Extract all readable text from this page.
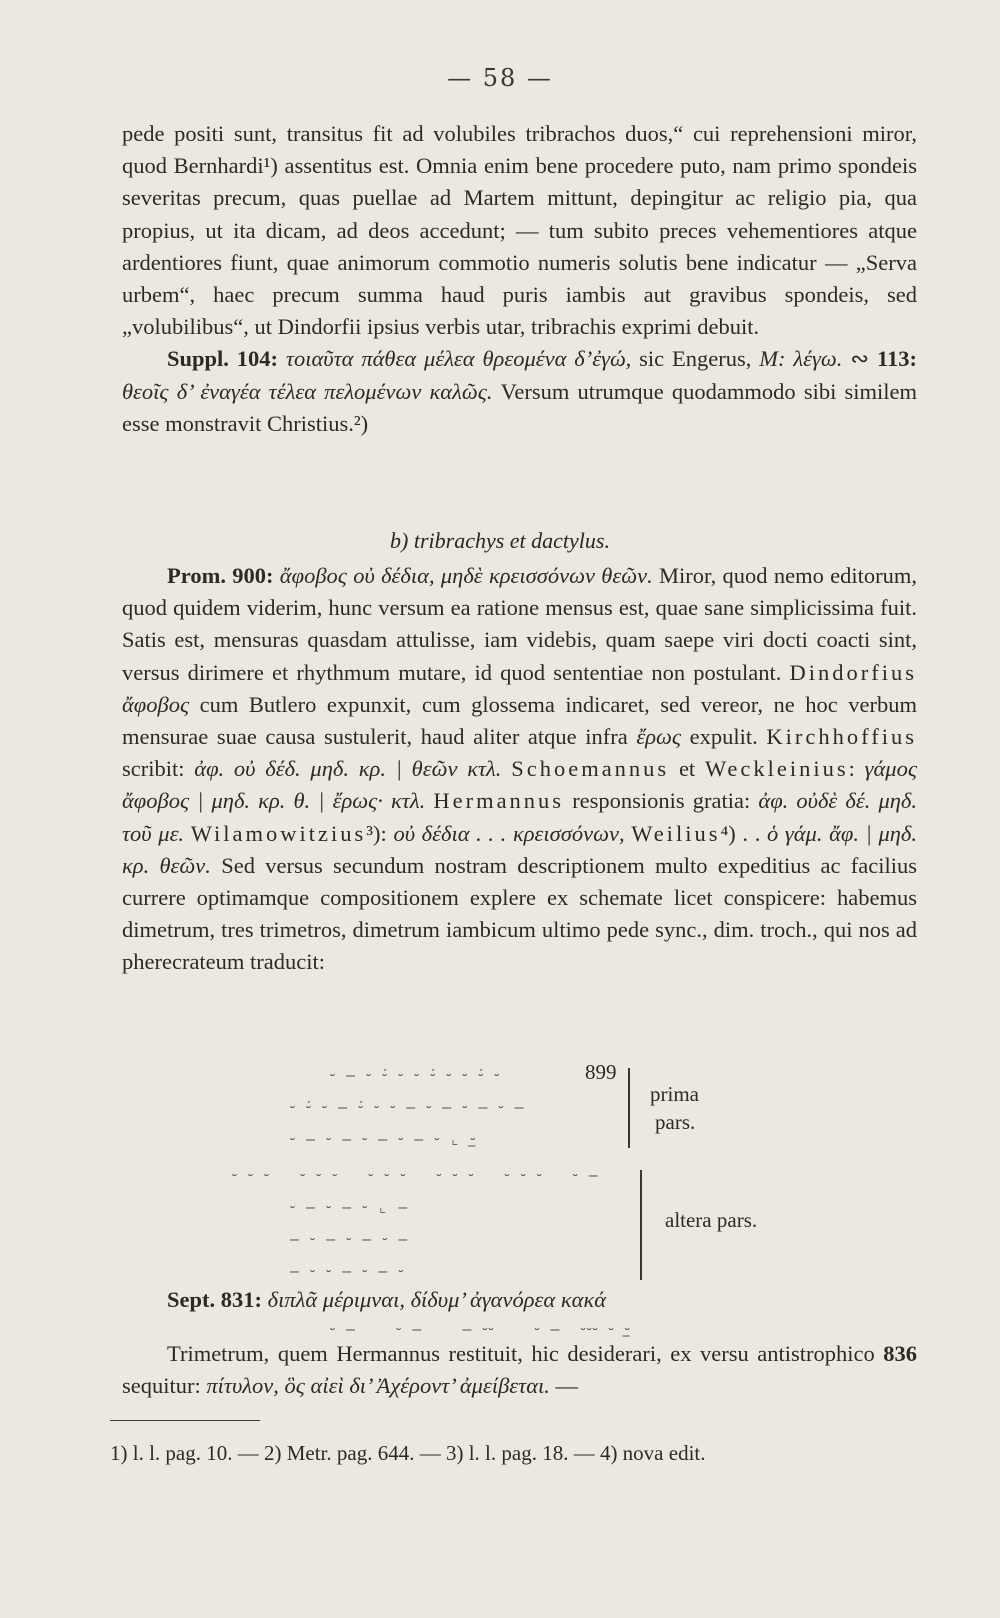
— 58 —

pede positi sunt, transitus fit ad volubiles tribrachos duos,“ cui reprehensioni miror, quod Bernhardi¹) assentitus est. Omnia enim bene procedere puto, nam primo spondeis severitas precum, quas puellae ad Martem mittunt, depingitur ac religio pia, qua propius, ut ita dicam, ad deos accedunt; — tum subito preces vehementiores atque ardentiores fiunt, quae animorum commotio numeris solutis bene indicatur — „Serva urbem“, haec precum summa haud puris iambis aut gravibus spondeis, sed „volubilibus“, ut Dindorfii ipsius verbis utar, tribrachis exprimi debuit.

  Suppl. 104: τοιαῦτα πάθεα μέλεα θρεομένα δ’ἐγώ, sic Engerus, M: λέγω. ∾ 113: θεοῖς δ’ ἐναγέα τέλεα πελομένων καλῶς. Versum utrumque quodammodo sibi similem esse monstravit Christius.²)

b) tribrachys et dactylus.

  Prom. 900: ἄφοβος οὐ δέδια, μηδὲ κρεισσόνων θεῶν. Miror, quod nemo editorum, quod quidem viderim, hunc versum ea ratione mensus est, quae sane simplicissima fuit. Satis est, mensuras quasdam attulisse, iam videbis, quam saepe viri docti coacti sint, versus dirimere et rhythmum mutare, id quod sententiae non postulant. Dindorfius ἄφοβος cum Butlero expunxit, cum glossema indicaret, sed vereor, ne hoc verbum mensurae suae causa sustulerit, haud aliter atque infra ἔρως expulit. Kirchhoffius scribit: ἀφ. οὐ δέδ. μηδ. κρ. | θεῶν κτλ. Schoemannus et Weckleinius: γάμος ἄφοβος | μηδ. κρ. θ. | ἔρως· κτλ. Hermannus responsionis gratia: ἀφ. οὐδὲ δέ. μηδ. τοῦ με. Wilamowitzius³): οὐ δέδια . . . κρεισσόνων, Weilius⁴) . . ὁ γάμ. ἄφ. | μηδ. κρ. θεῶν. Sed versus secundum nostram descriptionem multo expeditius ac facilius currere optimamque compositionem explere ex schemate licet conspicere: habemus dimetrum, tres trimetros, dimetrum iambicum ultimo pede sync., dim. troch., qui nos ad pherecrateum traducit:

⏑ – ⏑ ⏑́ ⏑ ⏑ ⏑́ ⏑ ⏑ ⏑́ ⏑	899
⏑ ⏑́ ⏑ – ⏑́ ⏑ ⏑ – ⏑ – ⏑ – ⏑ –
⏑ – ⏑ – ⏑ – ⏑ – ⏑ ⌞ ⏑̲
prima
pars.
⏑ ⏑ ⏑   ⏑ ⏑ ⏑   ⏑ ⏑ ⏑   ⏑ ⏑ ⏑   ⏑ ⏑ ⏑   ⏑ –
⏑ – ⏑ – ⏑ ⌞ –
– ⏑ – ⏑ – ⏑ –
– ⏑ ⏑ – ⏑ – ⏑
altera pars.

  Sept. 831: διπλᾶ μέριμναι, δίδυμ’ ἀγανόρεα κακά

⏑ –    ⏑ –    – ⏑⏑    ⏑ –  ⏑⏑⏑ ⏑ ⏑̲

  Trimetrum, quem Hermannus restituit, hic desiderari, ex versu antistrophico 836 sequitur: πίτυλον, ὃς αἰεὶ δι’ Ἀχέροντ’ ἀμείβεται. —

1) l. l. pag. 10. — 2) Metr. pag. 644. — 3) l. l. pag. 18. — 4) nova edit.
